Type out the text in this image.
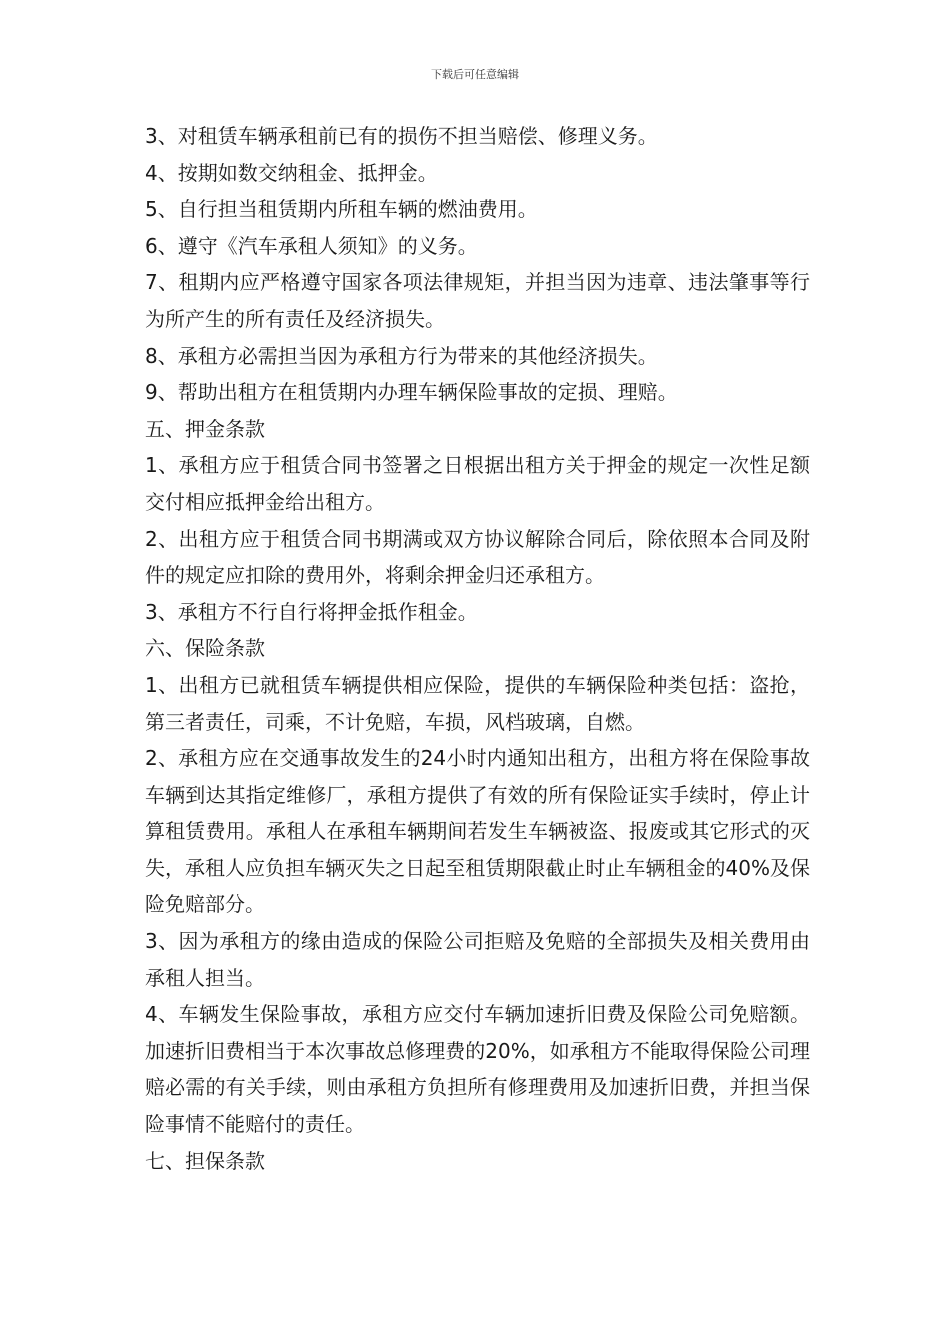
下载后可任意编辑

3、对租赁车辆承租前已有的损伤不担当赔偿、修理义务。

4、按期如数交纳租金、抵押金。

5、自行担当租赁期内所租车辆的燃油费用。

6、遵守《汽车承租人须知》的义务。

7、租期内应严格遵守国家各项法律规矩，并担当因为违章、违法肇事等行为所产生的所有责任及经济损失。

8、承租方必需担当因为承租方行为带来的其他经济损失。

9、帮助出租方在租赁期内办理车辆保险事故的定损、理赔。

五、押金条款

1、承租方应于租赁合同书签署之日根据出租方关于押金的规定一次性足额交付相应抵押金给出租方。

2、出租方应于租赁合同书期满或双方协议解除合同后，除依照本合同及附件的规定应扣除的费用外，将剩余押金归还承租方。

3、承租方不行自行将押金抵作租金。

六、保险条款

1、出租方已就租赁车辆提供相应保险，提供的车辆保险种类包括：盗抢，第三者责任，司乘，不计免赔，车损，风档玻璃，自燃。

2、承租方应在交通事故发生的24小时内通知出租方，出租方将在保险事故车辆到达其指定维修厂，承租方提供了有效的所有保险证实手续时，停止计算租赁费用。承租人在承租车辆期间若发生车辆被盗、报废或其它形式的灭失，承租人应负担车辆灭失之日起至租赁期限截止时止车辆租金的40%及保险免赔部分。

3、因为承租方的缘由造成的保险公司拒赔及免赔的全部损失及相关费用由承租人担当。

4、车辆发生保险事故，承租方应交付车辆加速折旧费及保险公司免赔额。加速折旧费相当于本次事故总修理费的20%，如承租方不能取得保险公司理赔必需的有关手续，则由承租方负担所有修理费用及加速折旧费，并担当保险事情不能赔付的责任。

七、担保条款
